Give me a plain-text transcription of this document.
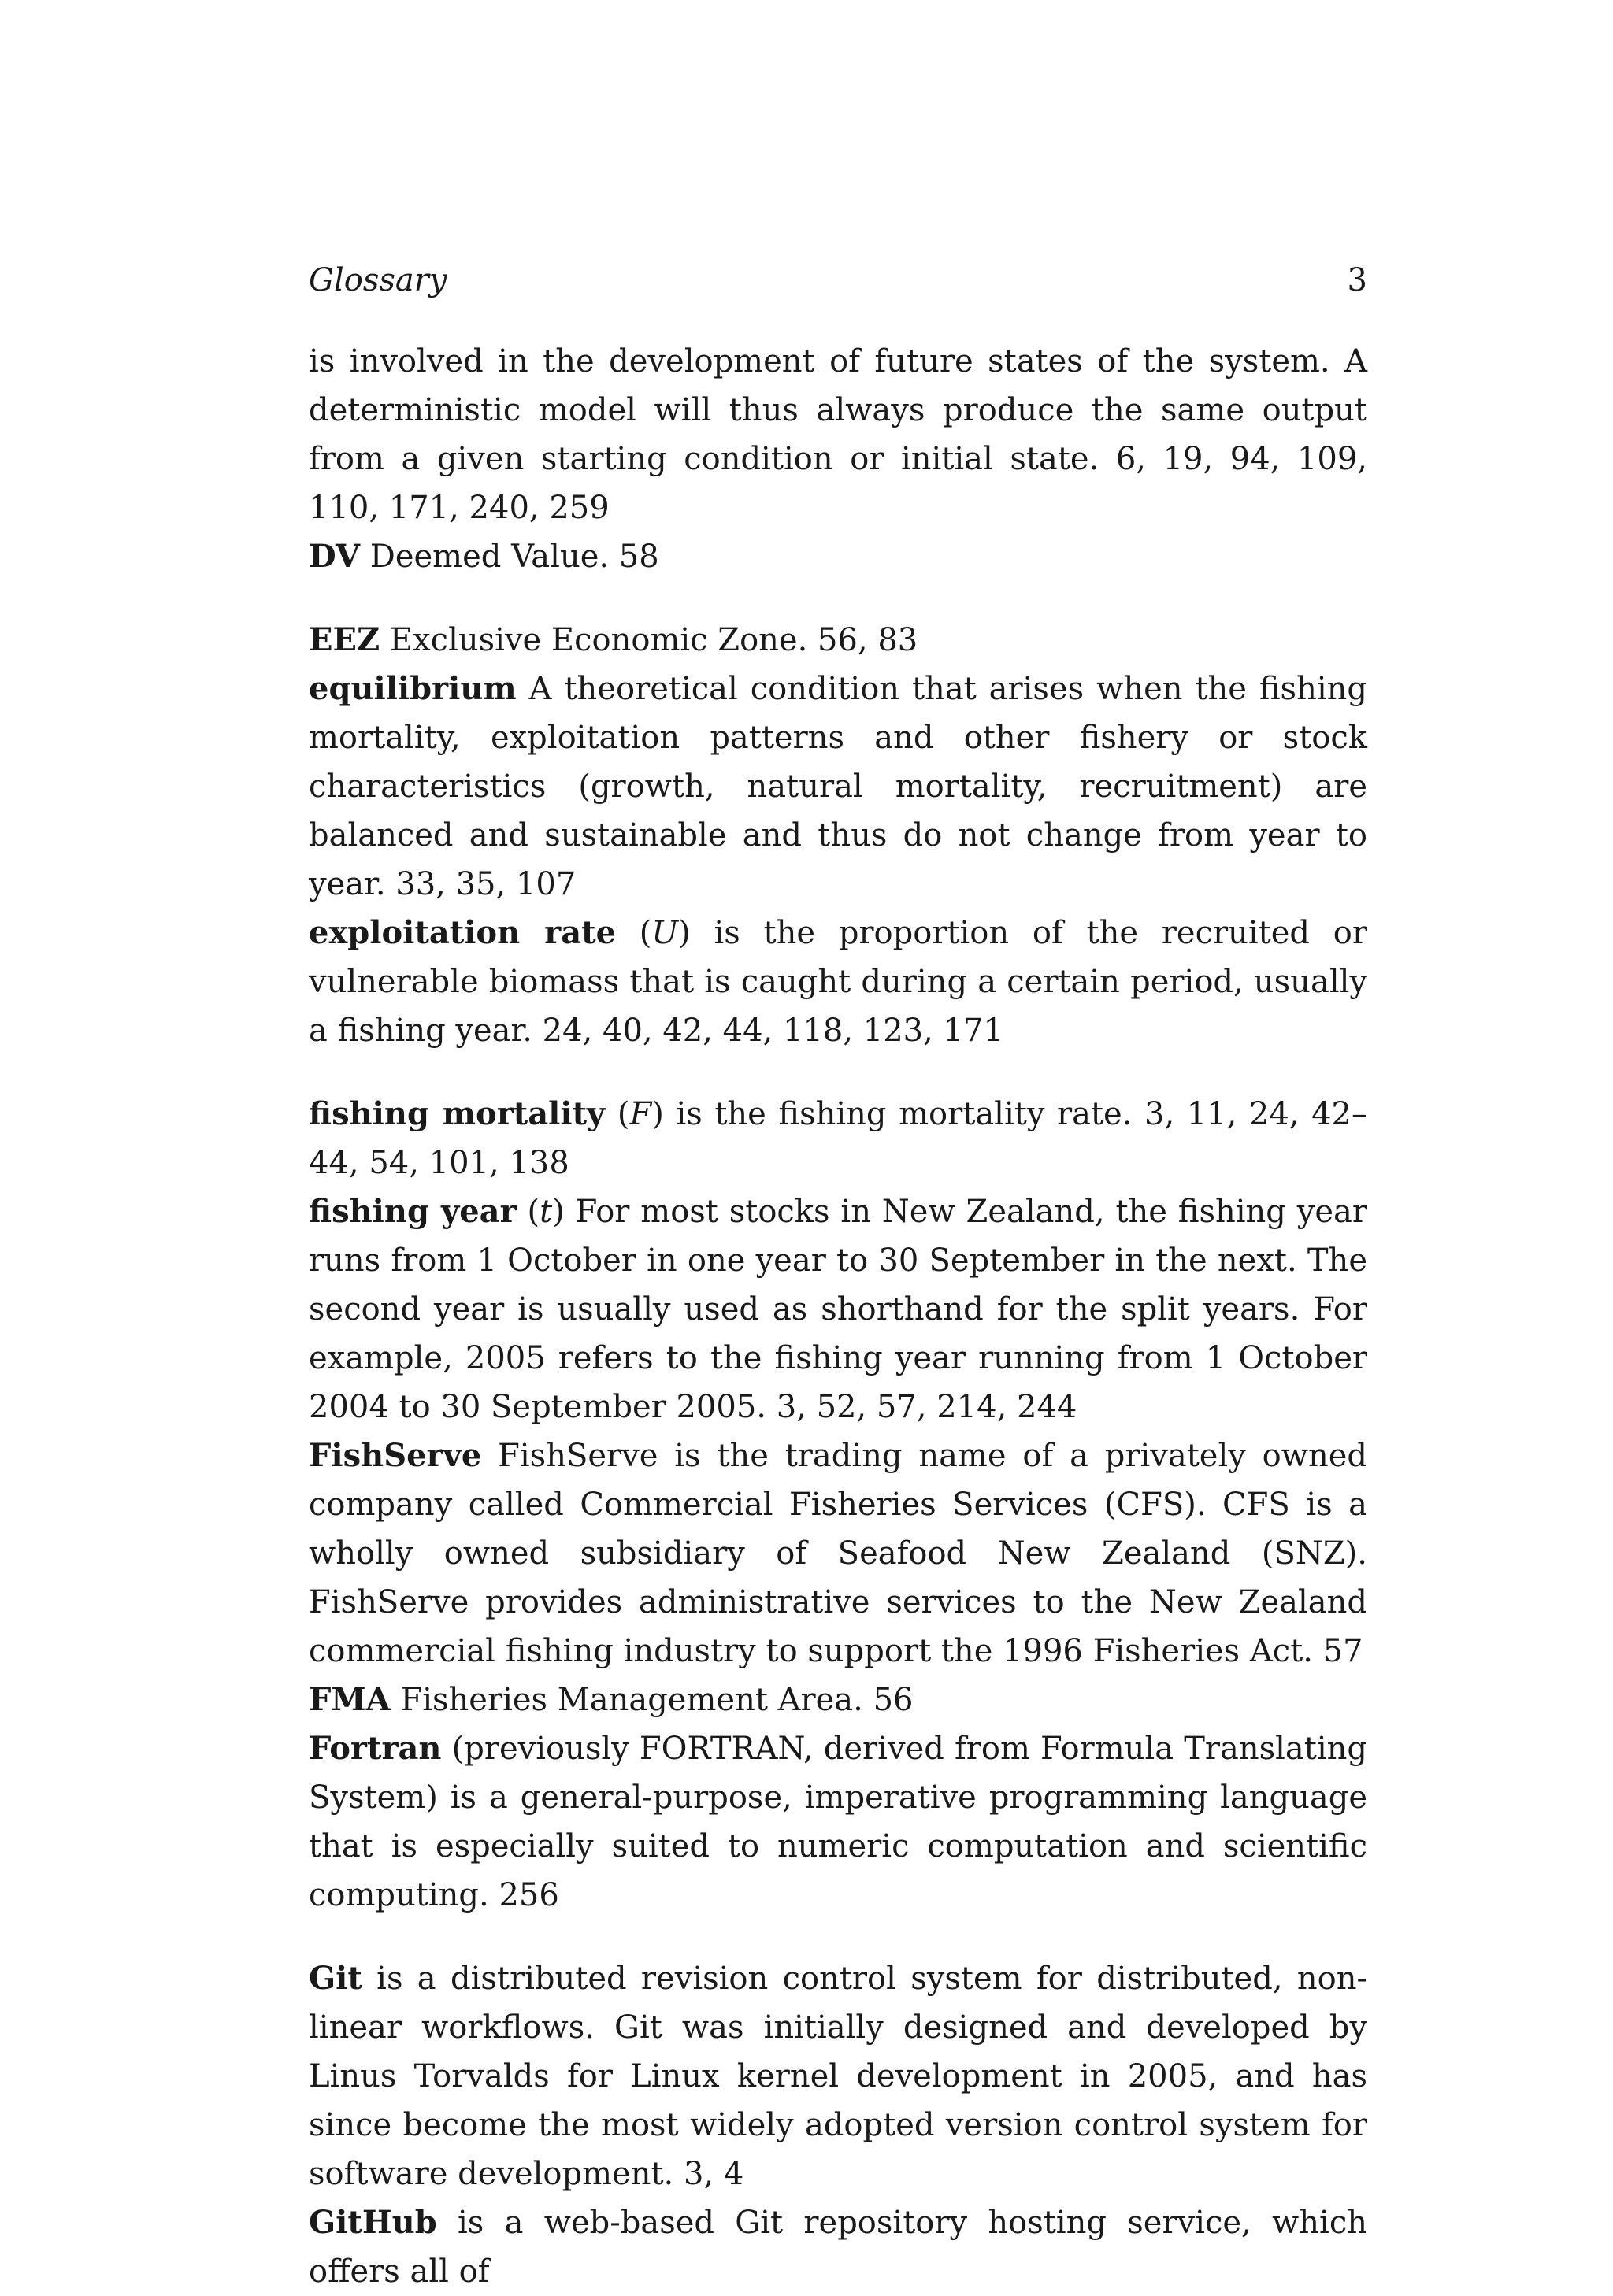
Glossary	3

is involved in the development of future states of the system. A deterministic model will thus always produce the same output from a given starting condition or initial state. 6, 19, 94, 109, 110, 171, 240, 259

DV Deemed Value. 58

EEZ Exclusive Economic Zone. 56, 83

equilibrium A theoretical condition that arises when the fishing mortality, exploitation patterns and other fishery or stock characteristics (growth, natural mortality, recruitment) are balanced and sustainable and thus do not change from year to year. 33, 35, 107

exploitation rate (U) is the proportion of the recruited or vulnerable biomass that is caught during a certain period, usually a fishing year. 24, 40, 42, 44, 118, 123, 171

fishing mortality (F) is the fishing mortality rate. 3, 11, 24, 42–44, 54, 101, 138

fishing year (t) For most stocks in New Zealand, the fishing year runs from 1 October in one year to 30 September in the next. The second year is usually used as shorthand for the split years. For example, 2005 refers to the fishing year running from 1 October 2004 to 30 September 2005. 3, 52, 57, 214, 244

FishServe FishServe is the trading name of a privately owned company called Commercial Fisheries Services (CFS). CFS is a wholly owned subsidiary of Seafood New Zealand (SNZ). FishServe provides administrative services to the New Zealand commercial fishing industry to support the 1996 Fisheries Act. 57

FMA Fisheries Management Area. 56

Fortran (previously FORTRAN, derived from Formula Translating System) is a general-purpose, imperative programming language that is especially suited to numeric computation and scientific computing. 256

Git is a distributed revision control system for distributed, non-linear workflows. Git was initially designed and developed by Linus Torvalds for Linux kernel development in 2005, and has since become the most widely adopted version control system for software development. 3, 4

GitHub is a web-based Git repository hosting service, which offers all of
